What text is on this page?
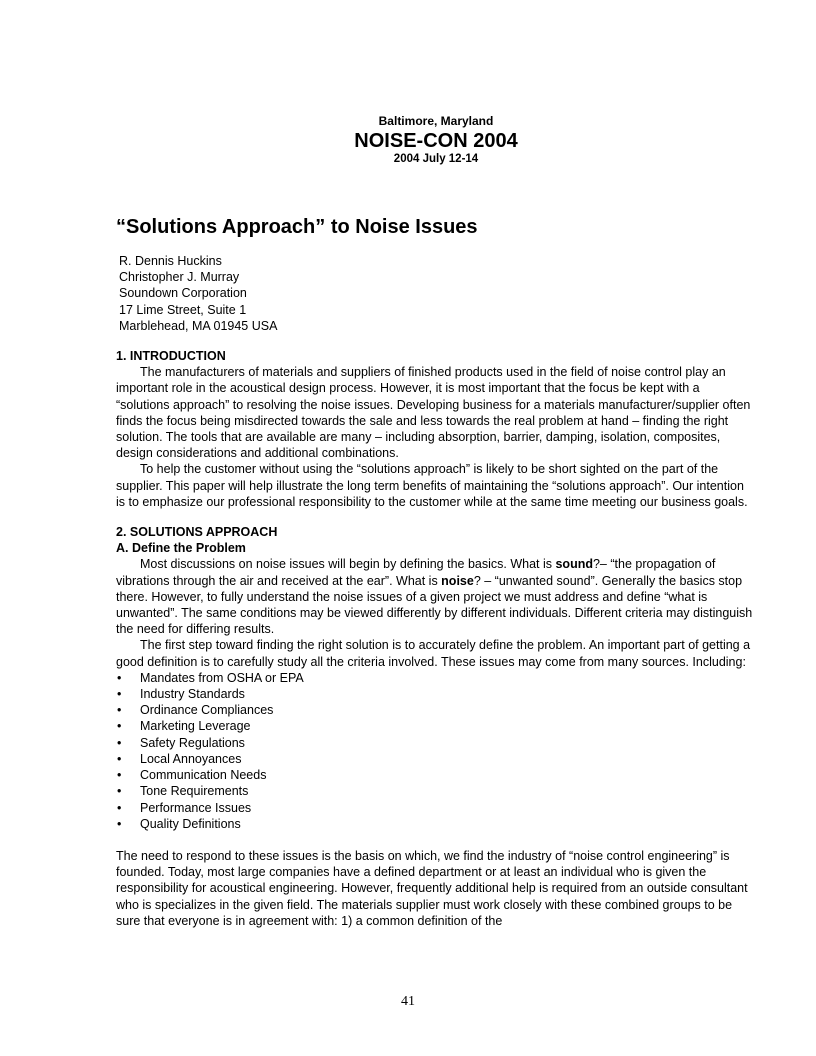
Baltimore, Maryland
NOISE-CON 2004
2004 July 12-14
“Solutions Approach” to Noise Issues
R. Dennis Huckins
Christopher J. Murray
Soundown Corporation
17 Lime Street, Suite 1
Marblehead, MA 01945 USA
1. INTRODUCTION

The manufacturers of materials and suppliers of finished products used in the field of noise control play an important role in the acoustical design process. However, it is most important that the focus be kept with a “solutions approach” to resolving the noise issues. Developing business for a materials manufacturer/supplier often finds the focus being misdirected towards the sale and less towards the real problem at hand – finding the right solution. The tools that are available are many – including absorption, barrier, damping, isolation, composites, design considerations and additional combinations.

To help the customer without using the “solutions approach” is likely to be short sighted on the part of the supplier. This paper will help illustrate the long term benefits of maintaining the “solutions approach”. Our intention is to emphasize our professional responsibility to the customer while at the same time meeting our business goals.

2. SOLUTIONS APPROACH
A. Define the Problem

Most discussions on noise issues will begin by defining the basics. What is sound?– “the propagation of vibrations through the air and received at the ear”. What is noise? – “unwanted sound”. Generally the basics stop there. However, to fully understand the noise issues of a given project we must address and define “what is unwanted”. The same conditions may be viewed differently by different individuals. Different criteria may distinguish the need for differing results.

The first step toward finding the right solution is to accurately define the problem. An important part of getting a good definition is to carefully study all the criteria involved. These issues may come from many sources. Including:

• Mandates from OSHA or EPA
• Industry Standards
• Ordinance Compliances
• Marketing Leverage
• Safety Regulations
• Local Annoyances
• Communication Needs
• Tone Requirements
• Performance Issues
• Quality Definitions

The need to respond to these issues is the basis on which, we find the industry of “noise control engineering” is founded. Today, most large companies have a defined department or at least an individual who is given the responsibility for acoustical engineering. However, frequently additional help is required from an outside consultant who is specializes in the given field. The materials supplier must work closely with these combined groups to be sure that everyone is in agreement with: 1) a common definition of the

41
